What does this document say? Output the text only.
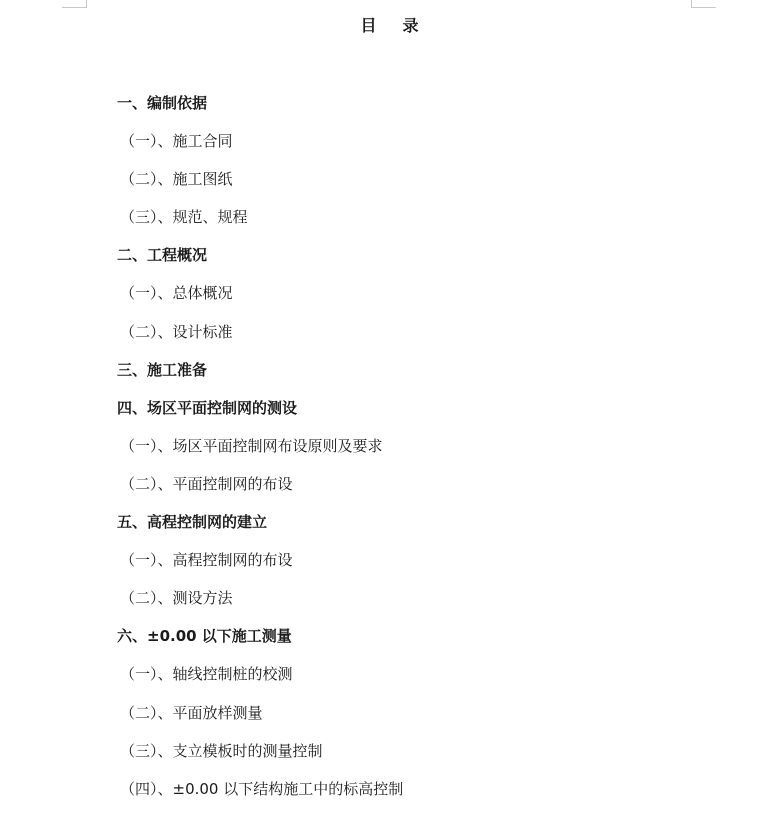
目 录
一、编制依据
（一）、施工合同
（二）、施工图纸
（三）、规范、规程
二、工程概况
（一）、总体概况
（二）、设计标准
三、施工准备
四、场区平面控制网的测设
（一）、场区平面控制网布设原则及要求
（二）、平面控制网的布设
五、高程控制网的建立
（一）、高程控制网的布设
（二）、测设方法
六、±0.00 以下施工测量
（一）、轴线控制桩的校测
（二）、平面放样测量
（三）、支立模板时的测量控制
（四）、±0.00 以下结构施工中的标高控制
